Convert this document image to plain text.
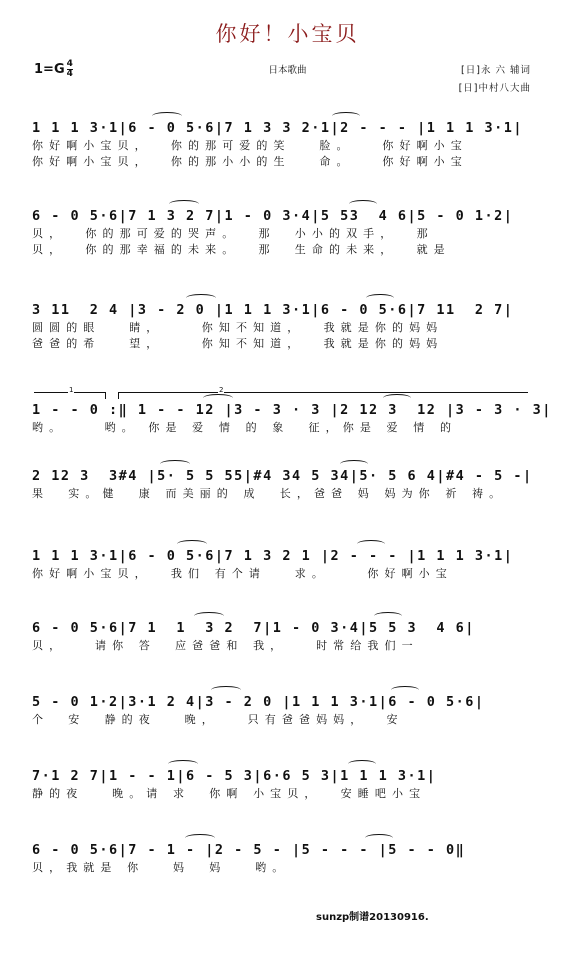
你好！小宝贝
$1=G \frac{4}{4}$	日本歌曲	[日]永 六 辅词
[日]中村八大曲
1 1 1 3·1|6 - 0 5·6|7 1 3 3 2·1|2 - - - |1 1 1 3·1|
你好啊小宝贝，  你的那可爱的笑   脸。   你好啊小宝
你好啊小宝贝，  你的那小小的生   命。   你好啊小宝
6 - 0 5·6|7 1 3 2 7|1 - 0 3·4|5 53  4 6|5 - 0 1·2|
贝，  你的那可爱的哭声。  那  小小的双手，  那
贝，  你的那幸福的未来。  那  生命的未来，  就是
3 11  2 4 |3 - 2 0 |1 1 1 3·1|6 - 0 5·6|7 11  2 7|
圆圆的眼   睛，    你知不知道，  我就是你的妈妈
爸爸的希   望，    你知不知道，  我就是你的妈妈
1	2
1 - - 0 :‖ 1 - - 12 |3 - 3 · 3 |2 12 3  12 |3 - 3 · 3|
哟。    哟。 你是 爱 情 的 象  征，你是 爱 情 的
2 12 3  3#4 |5· 5 5 55|#4 34 5 34|5· 5 6 4|#4 - 5 -|
果  实。健  康 而美丽的 成  长，爸爸 妈 妈为你 祈 祷。
1 1 1 3·1|6 - 0 5·6|7 1 3 2 1 |2 - - - |1 1 1 3·1|
你好啊小宝贝，  我们 有个请   求。    你好啊小宝
6 - 0 5·6|7 1  1  3 2  7|1 - 0 3·4|5 5 3  4 6|
贝，   请你 答  应爸爸和 我，   时常给我们一
5 - 0 1·2|3·1 2 4|3 - 2 0 |1 1 1 3·1|6 - 0 5·6|
个  安  静的夜   晚，   只有爸爸妈妈，  安
7·1 2 7|1 - - 1|6 - 5 3|6·6 5 3|1 1 1 3·1|
静的夜   晚。请 求  你啊 小宝贝，  安睡吧小宝
6 - 0 5·6|7 - 1 - |2 - 5 - |5 - - - |5 - - 0‖
贝，我就是 你   妈  妈   哟。
sunzp制谱20130916.
